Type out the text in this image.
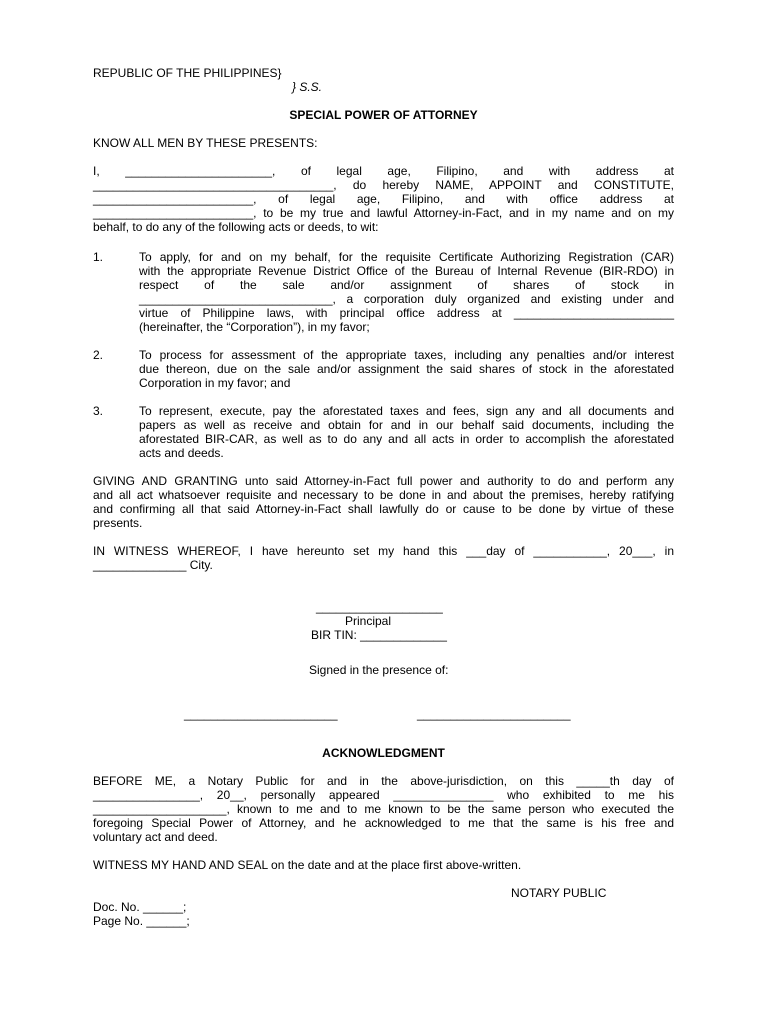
REPUBLIC OF THE PHILIPPINES}
} S.S.
SPECIAL POWER OF ATTORNEY
KNOW ALL MEN BY THESE PRESENTS:
I, ______________________, of legal age, Filipino, and with address at
____________________________________, do hereby NAME, APPOINT and CONSTITUTE,
________________________, of legal age, Filipino, and with office address at
________________________, to be my true and lawful Attorney-in-Fact, and in my name and on my
behalf, to do any of the following acts or deeds, to wit:
1.	To apply, for and on my behalf, for the requisite Certificate Authorizing Registration (CAR)
with the appropriate Revenue District Office of the Bureau of Internal Revenue (BIR-RDO) in
respect of the sale and/or assignment of shares of stock in
_____________________________, a corporation duly organized and existing under and
virtue of Philippine laws, with principal office address at ________________________
(hereinafter, the “Corporation”), in my favor;
2.	To process for assessment of the appropriate taxes, including any penalties and/or interest
due thereon, due on the sale and/or assignment the said shares of stock in the aforestated
Corporation in my favor; and
3.	To represent, execute, pay the aforestated taxes and fees, sign any and all documents and
papers as well as receive and obtain for and in our behalf said documents, including the
aforestated BIR-CAR, as well as to do any and all acts in order to accomplish the aforestated
acts and deeds.
GIVING AND GRANTING unto said Attorney-in-Fact full power and authority to do and perform any
and all act whatsoever requisite and necessary to be done in and about the premises, hereby ratifying
and confirming all that said Attorney-in-Fact shall lawfully do or cause to be done by virtue of these
presents.
IN WITNESS WHEREOF, I have hereunto set my hand this ___day of ___________, 20___, in
______________ City.
___________________
Principal
BIR TIN: _____________
Signed in the presence of:
_______________________	_______________________
ACKNOWLEDGMENT
BEFORE ME, a Notary Public for and in the above-jurisdiction, on this _____th day of
________________, 20__, personally appeared _______________ who exhibited to me his
____________________, known to me and to me known to be the same person who executed the
foregoing Special Power of Attorney, and he acknowledged to me that the same is his free and
voluntary act and deed.
WITNESS MY HAND AND SEAL on the date and at the place first above-written.
NOTARY PUBLIC
Doc. No. ______;
Page No. ______;
